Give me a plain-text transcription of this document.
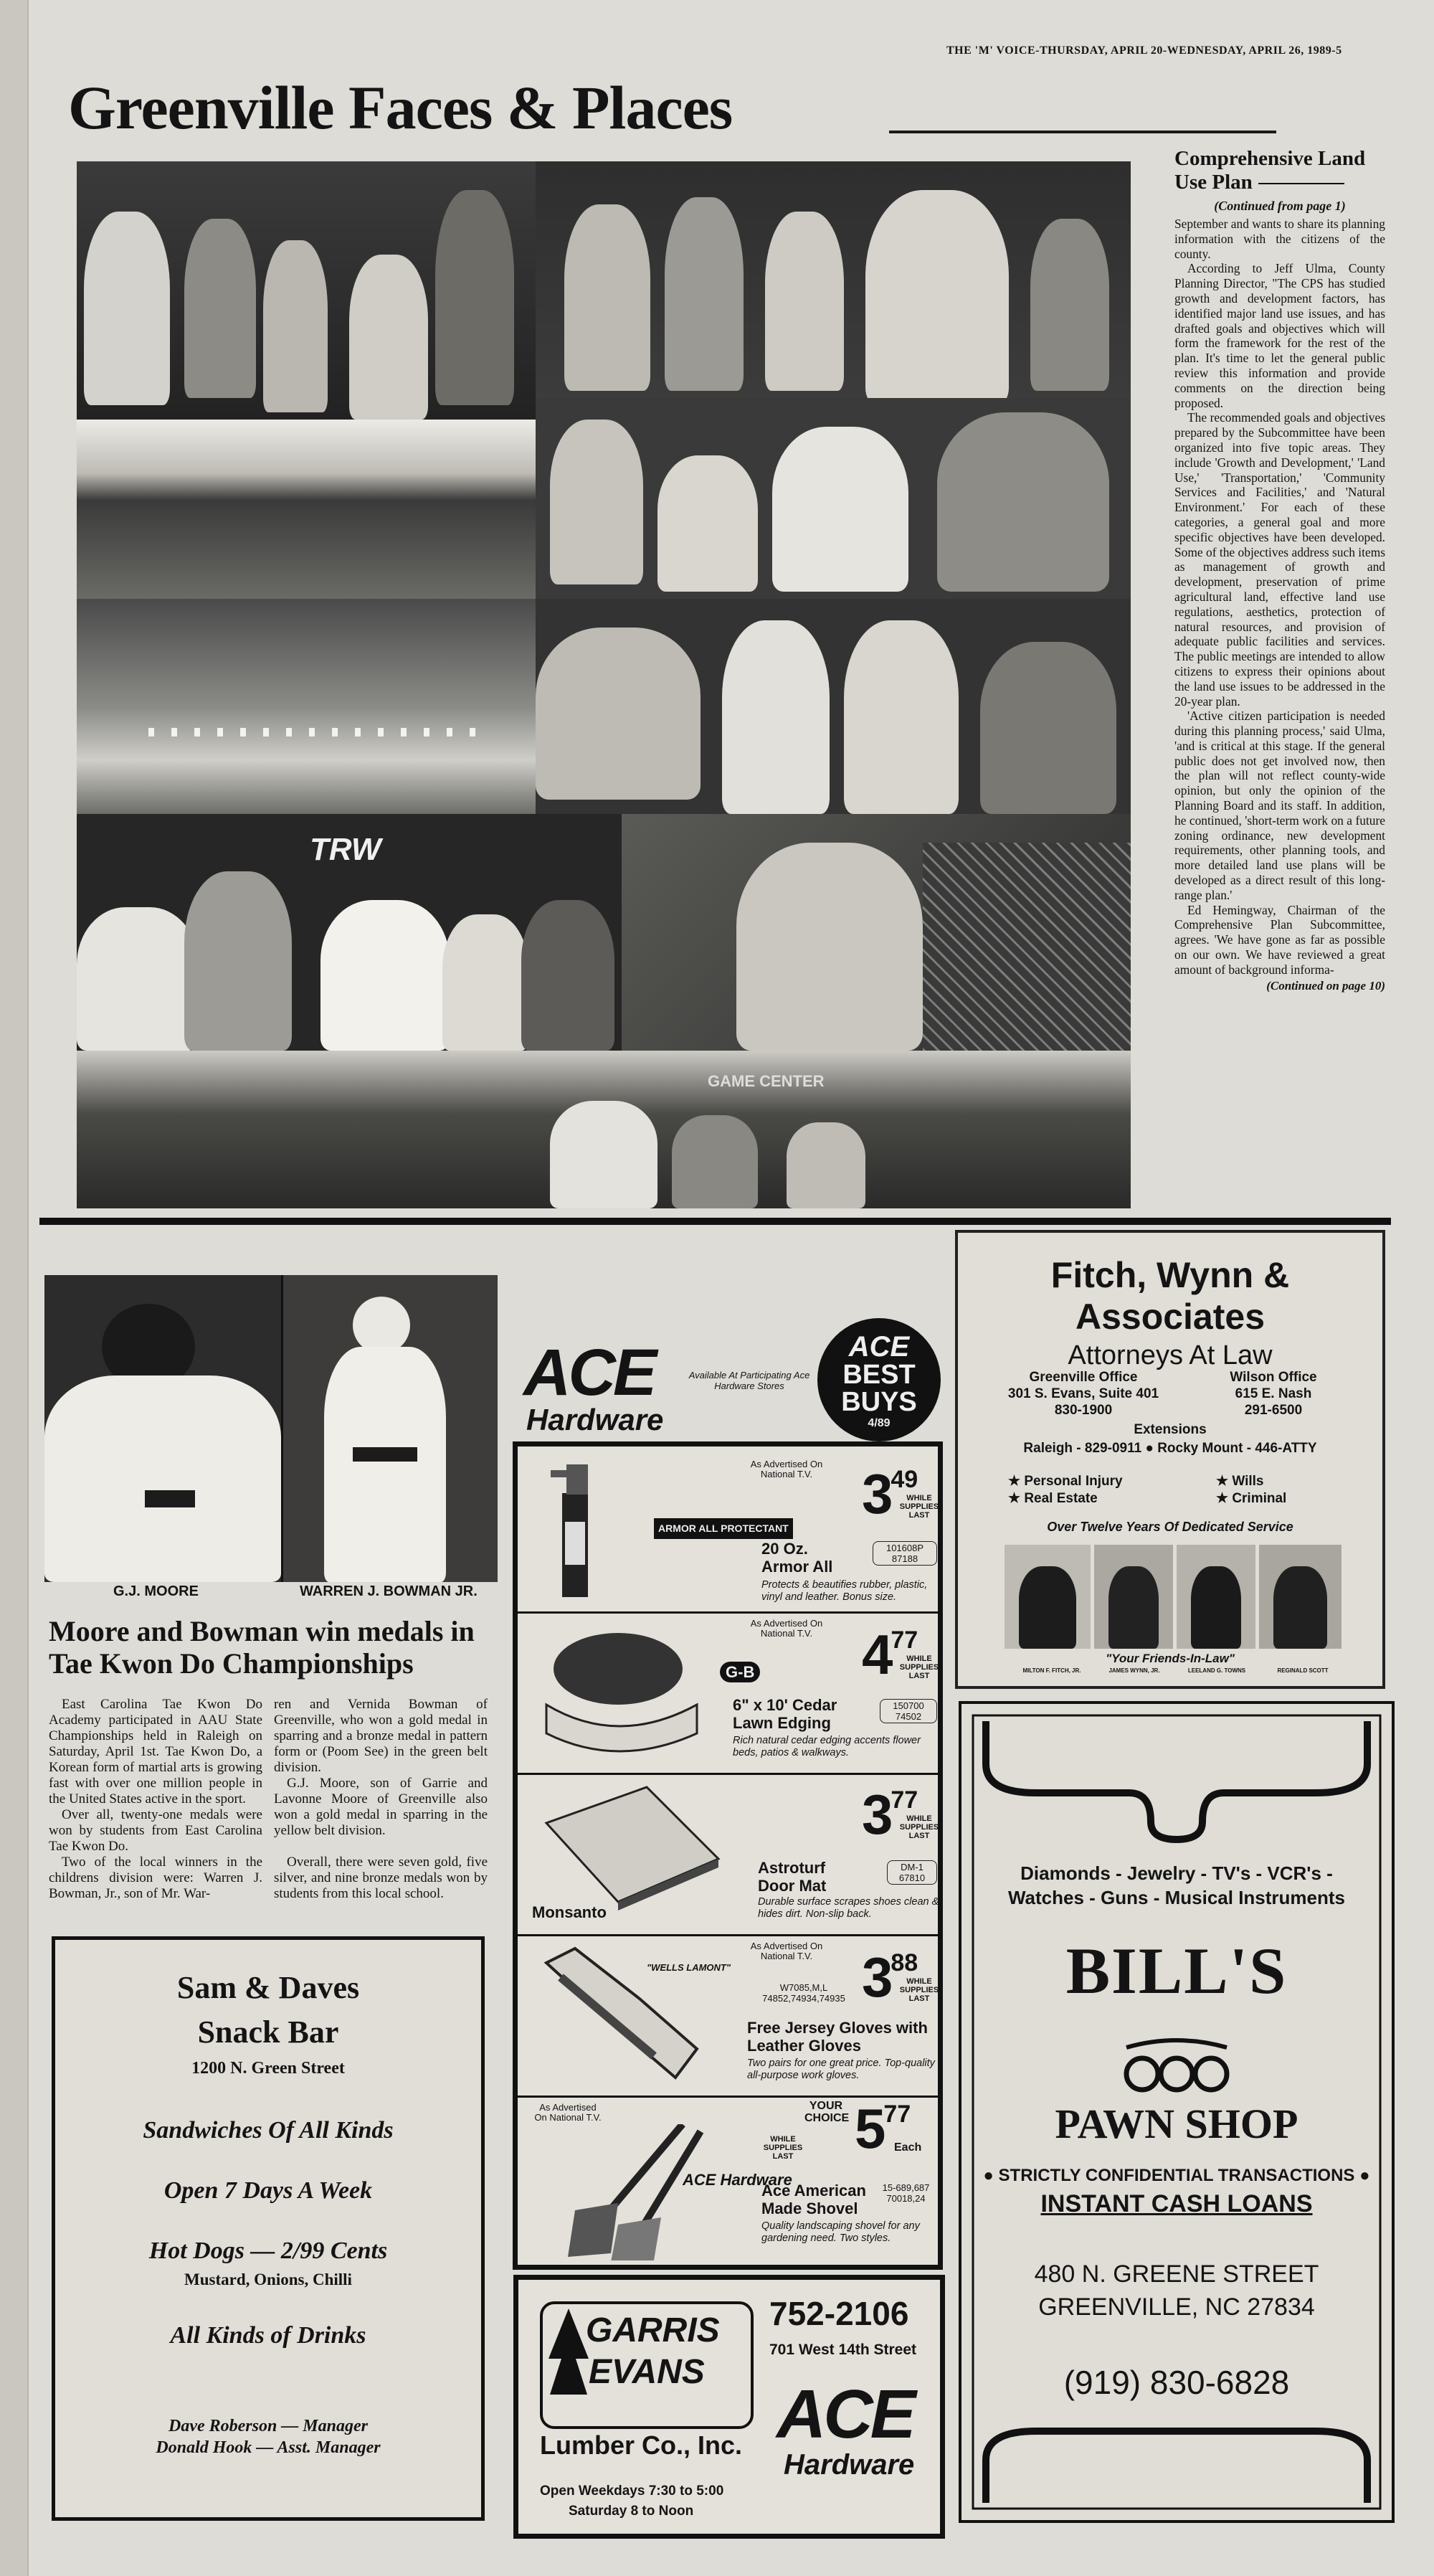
THE 'M' VOICE-THURSDAY, APRIL 20-WEDNESDAY, APRIL 26, 1989-5
Greenville Faces & Places
TRW
GAME CENTER
Comprehensive Land Use Plan
(Continued from page 1)

September and wants to share its planning information with the citizens of the county.

According to Jeff Ulma, County Planning Director, "The CPS has studied growth and development factors, has identified major land use issues, and has drafted goals and objectives which will form the framework for the rest of the plan. It's time to let the general public review this information and provide comments on the direction being proposed.

The recommended goals and objectives prepared by the Subcommittee have been organized into five topic areas. They include 'Growth and Development,' 'Land Use,' 'Transportation,' 'Community Services and Facilities,' and 'Natural Environment.' For each of these categories, a general goal and more specific objectives have been developed. Some of the objectives address such items as management of growth and development, preservation of prime agricultural land, effective land use regulations, aesthetics, protection of natural resources, and provision of adequate public facilities and services. The public meetings are intended to allow citizens to express their opinions about the land use issues to be addressed in the 20-year plan.

'Active citizen participation is needed during this planning process,' said Ulma, 'and is critical at this stage. If the general public does not get involved now, then the plan will not reflect county-wide opinion, but only the opinion of the Planning Board and its staff. In addition, he continued, 'short-term work on a future zoning ordinance, new development requirements, other planning tools, and more detailed land use plans will be developed as a direct result of this long-range plan.'

Ed Hemingway, Chairman of the Comprehensive Plan Subcommittee, agrees. 'We have gone as far as possible on our own. We have reviewed a great amount of background informa-

(Continued on page 10)
G.J. MOORE	WARREN J. BOWMAN JR.
Moore and Bowman win medals in Tae Kwon Do Championships

East Carolina Tae Kwon Do Academy participated in AAU State Championships held in Raleigh on Saturday, April 1st. Tae Kwon Do, a Korean form of martial arts is growing fast with over one million people in the United States active in the sport.

Over all, twenty-one medals were won by students from East Carolina Tae Kwon Do.

Two of the local winners in the childrens division were: Warren J. Bowman, Jr., son of Mr. War-

ren and Vernida Bowman of Greenville, who won a gold medal in sparring and a bronze medal in pattern form or (Poom See) in the green belt division.

G.J. Moore, son of Garrie and Lavonne Moore of Greenville also won a gold medal in sparring in the yellow belt division.

Overall, there were seven gold, five silver, and nine bronze medals won by students from this local school.

Sam & Daves
Snack Bar
1200 N. Green Street
Sandwiches Of All Kinds
Open 7 Days A Week
Hot Dogs — 2/99 Cents
Mustard, Onions, Chilli
All Kinds of Drinks
Dave Roberson — Manager
Donald Hook — Asst. Manager
ACE
Hardware
Available At Participating Ace Hardware Stores
ACE
BEST BUYS
4/89
ARMOR ALL PROTECTANT
As Advertised On National T.V. 349
WHILE SUPPLIES LAST
20 Oz. Armor All
101608P 87188
Protects & beautifies rubber, plastic, vinyl and leather. Bonus size.
G-B
As Advertised On National T.V. 477
WHILE SUPPLIES LAST
6" x 10' Cedar Lawn Edging
150700 74502
Rich natural cedar edging accents flower beds, patios & walkways.
Monsanto
377
WHILE SUPPLIES LAST
Astroturf Door Mat
DM-1 67810
Durable surface scrapes shoes clean & hides dirt. Non-slip back.
"WELLS LAMONT"
As Advertised On National T.V. 388
WHILE SUPPLIES LAST
W7085,M,L 74852,74934,74935
Free Jersey Gloves with Leather Gloves
Two pairs for one great price. Top-quality all-purpose work gloves.
As Advertised On National T.V.
ACE Hardware
YOUR CHOICE
WHILE SUPPLIES LAST 577
Each
Ace American Made Shovel
15-689,687 70018,24
Quality landscaping shovel for any gardening need. Two styles.
GARRIS
EVANS
Lumber Co., Inc.
752-2106
701 West 14th Street
ACE
Hardware
Open Weekdays 7:30 to 5:00
Saturday 8 to Noon
Fitch, Wynn & Associates
Attorneys At Law
Greenville Office
301 S. Evans, Suite 401
830-1900
Wilson Office
615 E. Nash
291-6500
Extensions
Raleigh - 829-0911 ● Rocky Mount - 446-ATTY
★ Personal Injury
★ Real Estate
★ Wills
★ Criminal
Over Twelve Years Of Dedicated Service
"Your Friends-In-Law"
MILTON F. FITCH, JR.	JAMES WYNN, JR.	LEELAND G. TOWNS	REGINALD SCOTT
Diamonds - Jewelry - TV's - VCR's -
Watches - Guns - Musical Instruments
BILL'S
PAWN SHOP
● STRICTLY CONFIDENTIAL TRANSACTIONS ●
INSTANT CASH LOANS
480 N. GREENE STREET
GREENVILLE, NC 27834
(919) 830-6828
